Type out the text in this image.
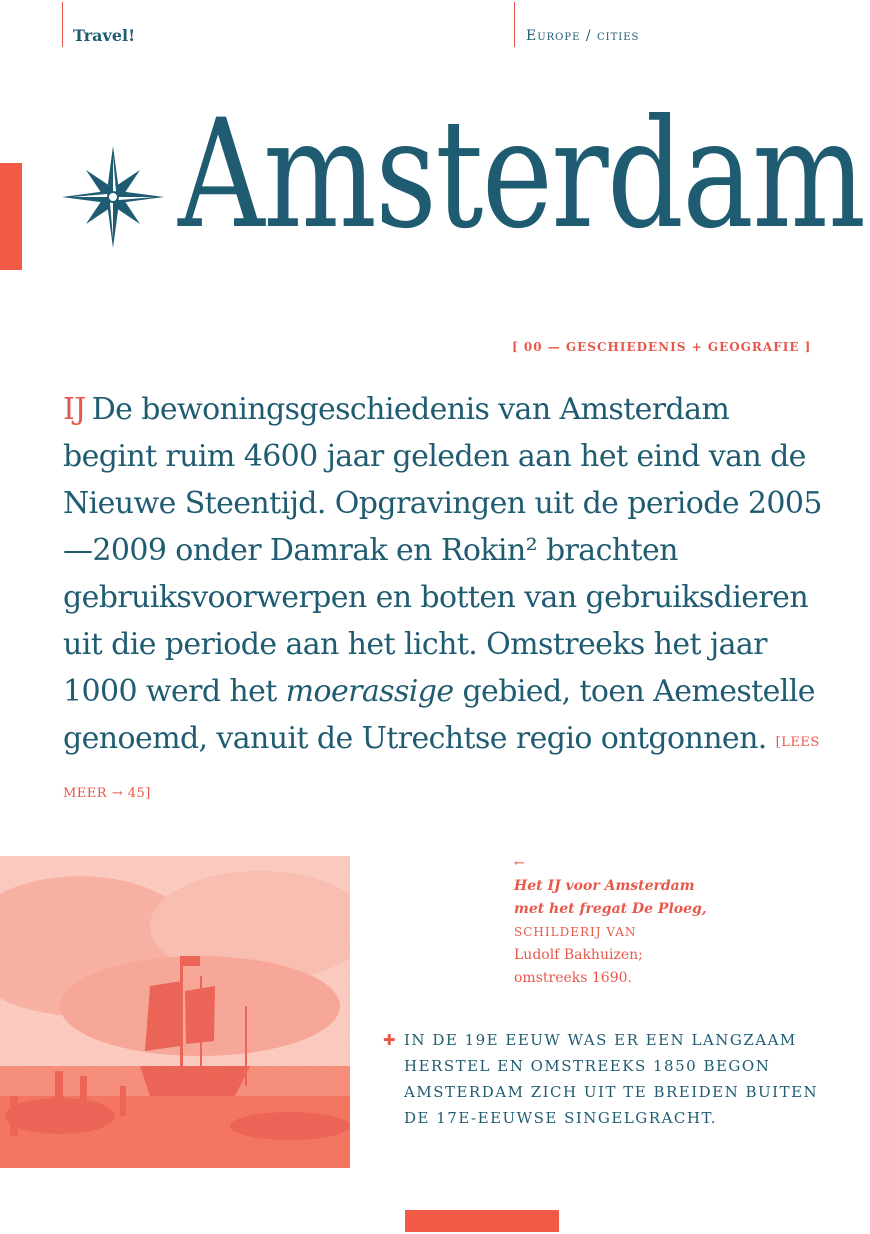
Travel!	Europe / cities
Amsterdam
[ 00 — GESCHIEDENIS + GEOGRAFIE ]
IJ De bewoningsgeschiedenis van Amsterdam begint ruim 4600 jaar geleden aan het eind van de Nieuwe Steentijd. Opgravingen uit de periode 2005—2009 onder Damrak en Rokin² brachten gebruiksvoorwerpen en botten van gebruiksdieren uit die periode aan het licht. Omstreeks het jaar 1000 werd het moerassige gebied, toen Aemestelle genoemd, vanuit de Utrechtse regio ontgonnen. [LEES MEER → 45]
←
Het IJ voor Amsterdam
met het fregat De Ploeg,
SCHILDERIJ VAN
Ludolf Bakhuizen;
omstreeks 1690.
✚ IN DE 19E EEUW WAS ER EEN LANGZAAM HERSTEL EN OMSTREEKS 1850 BEGON AMSTERDAM ZICH UIT TE BREIDEN BUITEN DE 17E-EEUWSE SINGELGRACHT.
